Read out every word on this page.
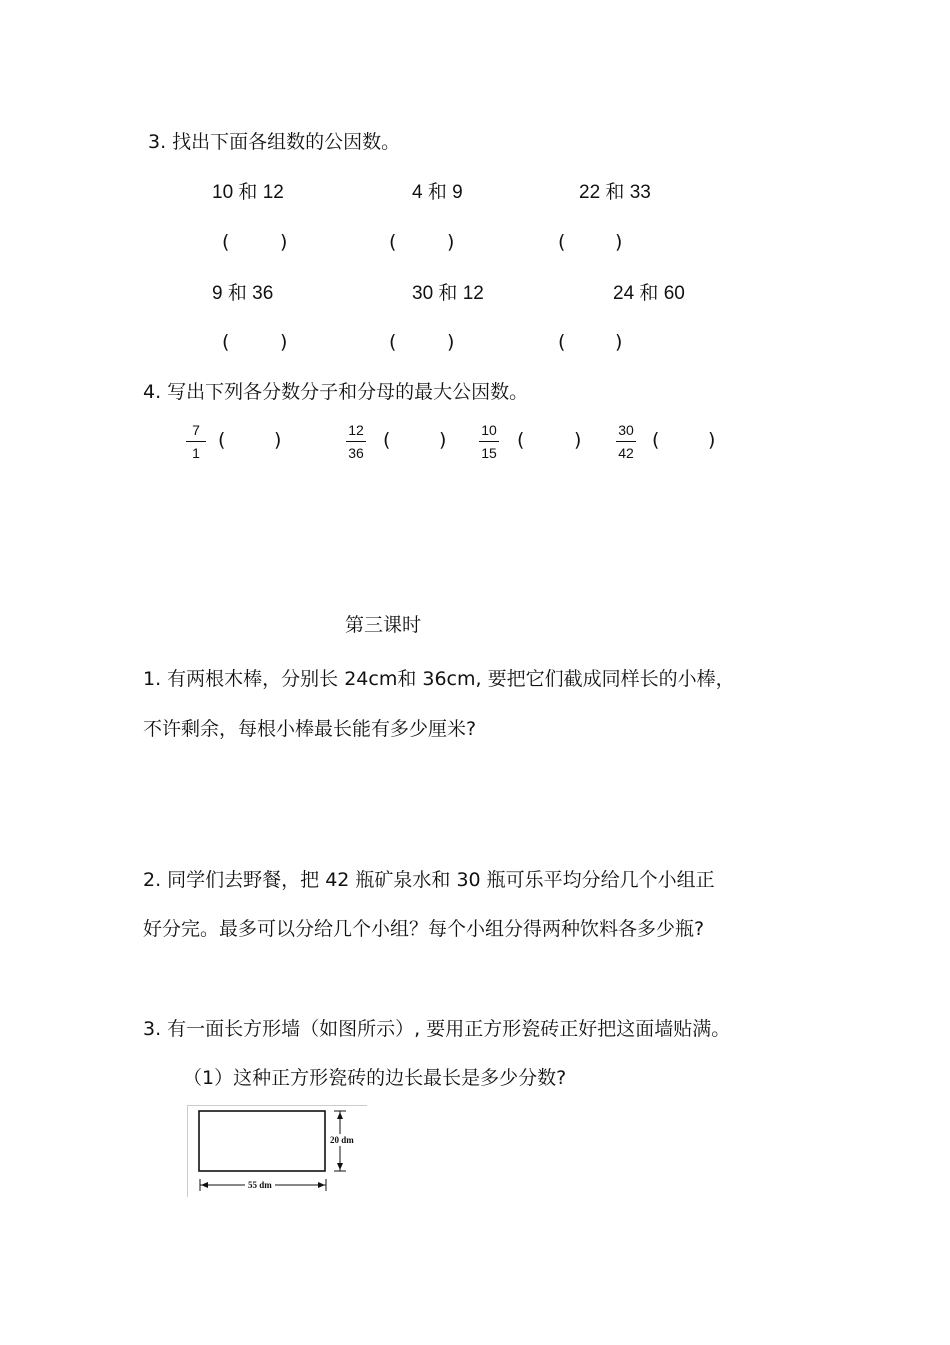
3. 找出下面各组数的公因数。
10 和 12	4 和 9	22 和 33
(	)	(	)	(	)
9 和 36	30 和 12	24 和 60
(	)	(	)	(	)
4. 写出下列各分数分子和分母的最大公因数。
7
1
(	)	12
36
(	) 10
15
(	)	30
42
(	)
第三课时
1. 有两根木棒，分别长 24cm和 36cm, 要把它们截成同样长的小棒，
不许剩余，每根小棒最长能有多少厘米?
2. 同学们去野餐，把 42 瓶矿泉水和 30 瓶可乐平均分给几个小组正
好分完。最多可以分给几个小组？每个小组分得两种饮料各多少瓶?
3. 有一面长方形墙（如图所示）, 要用正方形瓷砖正好把这面墙贴满。
（1）这种正方形瓷砖的边长最长是多少分数?
20 dm
55 dm
